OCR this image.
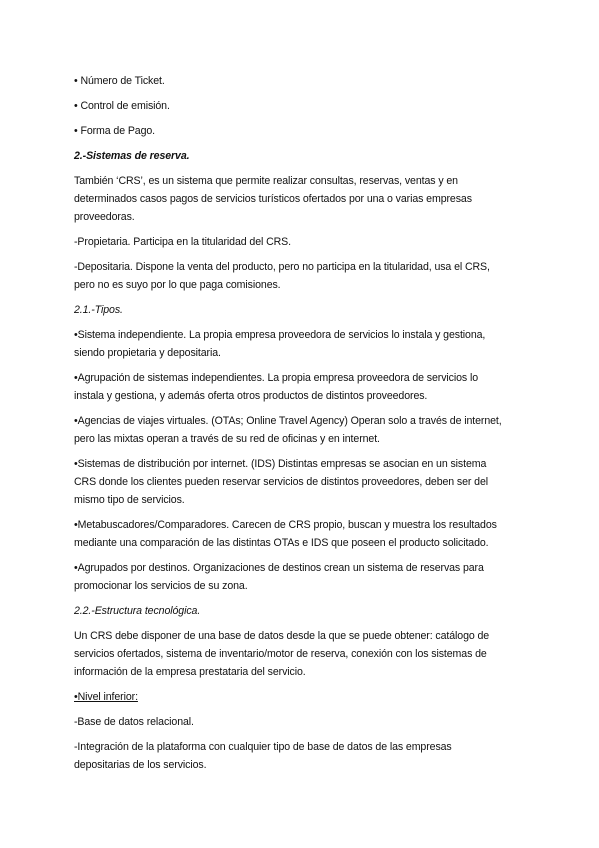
• Número de Ticket.
• Control de emisión.
• Forma de Pago.
2.-Sistemas de reserva.
También ‘CRS’, es un sistema que permite realizar consultas, reservas, ventas y en
determinados casos pagos de servicios turísticos ofertados por una o varias empresas
proveedoras.
-Propietaria. Participa en la titularidad del CRS.
-Depositaria. Dispone la venta del producto, pero no participa en la titularidad, usa el CRS,
pero no es suyo por lo que paga comisiones.
2.1.-Tipos.
•Sistema independiente. La propia empresa proveedora de servicios lo instala y gestiona,
siendo propietaria y depositaria.
•Agrupación de sistemas independientes. La propia empresa proveedora de servicios lo
instala y gestiona, y además oferta otros productos de distintos proveedores.
•Agencias de viajes virtuales. (OTAs; Online Travel Agency) Operan solo a través de internet,
pero las mixtas operan a través de su red de oficinas y en internet.
•Sistemas de distribución por internet. (IDS) Distintas empresas se asocian en un sistema
CRS donde los clientes pueden reservar servicios de distintos proveedores, deben ser del
mismo tipo de servicios.
•Metabuscadores/Comparadores. Carecen de CRS propio, buscan y muestra los resultados
mediante una comparación de las distintas OTAs e IDS que poseen el producto solicitado.
•Agrupados por destinos. Organizaciones de destinos crean un sistema de reservas para
promocionar los servicios de su zona.
2.2.-Estructura tecnológica.
Un CRS debe disponer de una base de datos desde la que se puede obtener: catálogo de
servicios ofertados, sistema de inventario/motor de reserva, conexión con los sistemas de
información de la empresa prestataria del servicio.
•Nivel inferior:
-Base de datos relacional.
-Integración de la plataforma con cualquier tipo de base de datos de las empresas
depositarias de los servicios.
